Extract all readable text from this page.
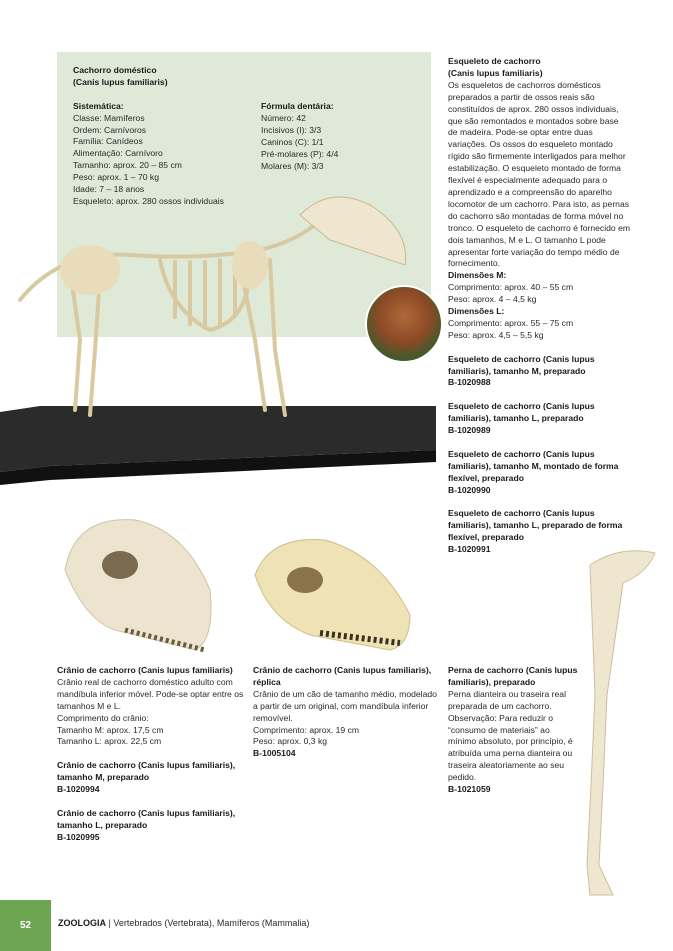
Cachorro doméstico

(Canis lupus familiaris)

Sistemática:

Classe: Mamíferos

Ordem: Carnívoros

Família: Canídeos

Alimentação: Carnívoro

Tamanho: aprox. 20 – 85 cm

Peso: aprox. 1 – 70 kg

Idade: 7 – 18 anos

Esqueleto: aprox. 280 ossos individuais

Fórmula dentária:

Número: 42

Incisivos (I): 3/3

Caninos (C): 1/1

Pré-molares (P): 4/4

Molares (M): 3/3

Esqueleto de cachorro

(Canis lupus familiaris)

Os esqueletos de cachorros domésticos preparados a partir de ossos reais são constituídos de aprox. 280 ossos individuais, que são remontados e montados sobre base de madeira. Pode-se optar entre duas variações. Os ossos do esqueleto montado rígido são firmemente interligados para melhor estabilização. O esqueleto montado de forma flexível é especialmente adequado para o aprendizado e a compreensão do aparelho locomotor de um cachorro. Para isto, as pernas do cachorro são montadas de forma móvel no tronco. O esqueleto de cachorro é fornecido em dois tamanhos, M e L. O tamanho L pode apresentar forte variação do tempo médio de fornecimento.

Dimensões M:

Comprimento: aprox. 40 – 55 cm

Peso: aprox. 4 – 4,5 kg

Dimensões L:

Comprimento: aprox. 55 – 75 cm

Peso: aprox. 4,5 – 5,5 kg

Esqueleto de cachorro (Canis lupus familiaris), tamanho M, preparado

B-1020988

Esqueleto de cachorro (Canis lupus familiaris), tamanho L, preparado

B-1020989

Esqueleto de cachorro (Canis lupus familiaris), tamanho M, montado de forma flexível, preparado

B-1020990

Esqueleto de cachorro (Canis lupus familiaris), tamanho L, preparado de forma flexível, preparado

B-1020991

Crânio de cachorro (Canis lupus familiaris)

Crânio real de cachorro doméstico adulto com mandíbula inferior móvel. Pode-se optar entre os tamanhos M e L.

Comprimento do crânio:

Tamanho M: aprox. 17,5 cm

Tamanho L: aprox. 22,5 cm

Crânio de cachorro (Canis lupus familiaris), tamanho M, preparado

B-1020994

Crânio de cachorro (Canis lupus familiaris), tamanho L, preparado

B-1020995

Crânio de cachorro (Canis lupus familiaris), réplica

Crânio de um cão de tamanho médio, modelado a partir de um original, com mandíbula inferior removível.

Comprimento: aprox. 19 cm

Peso: aprox. 0,3 kg

B-1005104

Perna de cachorro (Canis lupus familiaris), preparado

Perna dianteira ou traseira real preparada de um cachorro. Observação: Para reduzir o “consumo de materiais” ao mínimo absoluto, por princípio, é atribuída uma perna dianteira ou traseira aleatoriamente ao seu pedido.

B-1021059

52	ZOOLOGIA | Vertebrados (Vertebrata), Mamíferos (Mammalia)
